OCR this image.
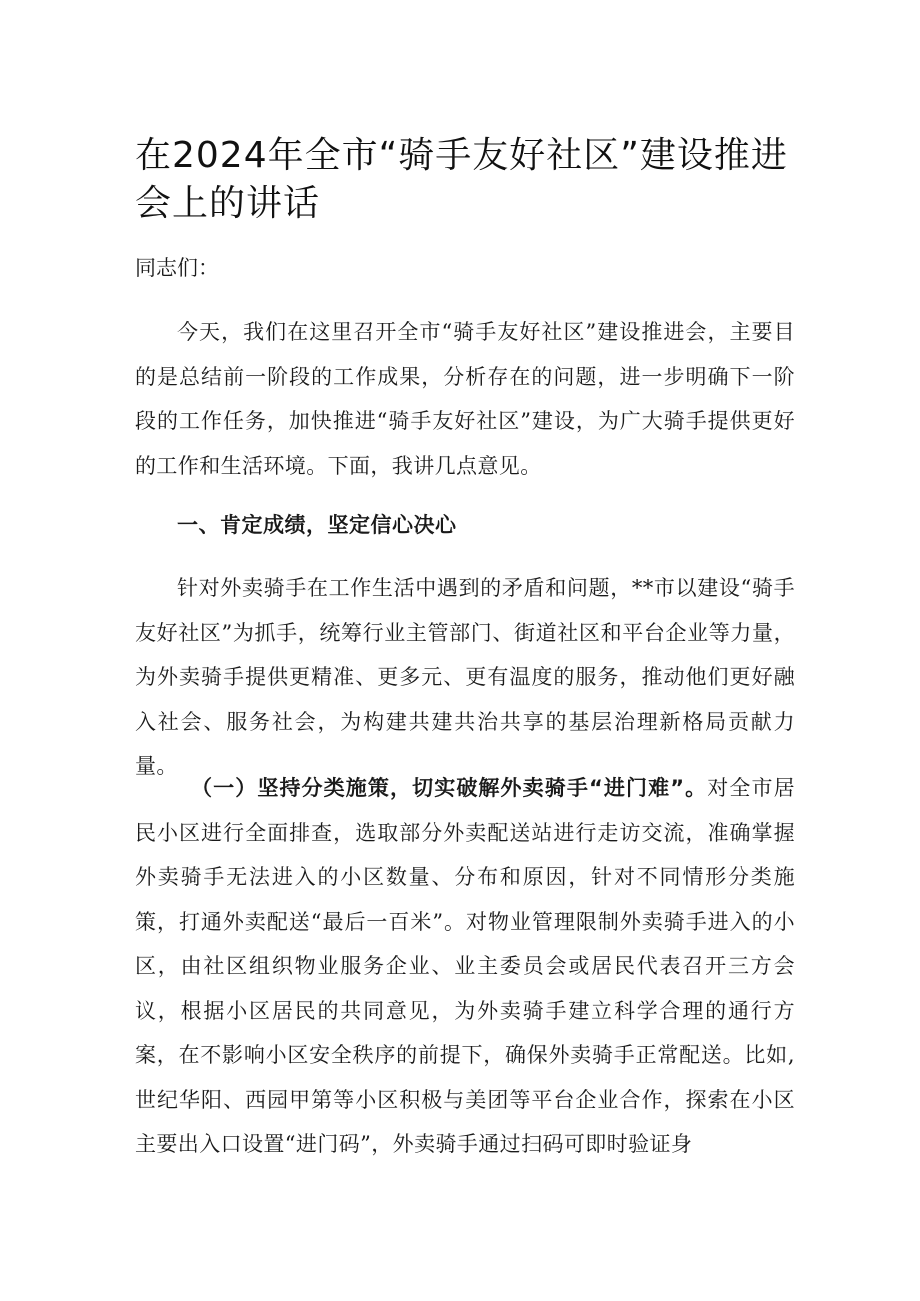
在2024年全市“骑手友好社区”建设推进会上的讲话

同志们：

今天，我们在这里召开全市“骑手友好社区”建设推进会，主要目的是总结前一阶段的工作成果，分析存在的问题，进一步明确下一阶段的工作任务，加快推进“骑手友好社区”建设，为广大骑手提供更好的工作和生活环境。下面，我讲几点意见。

一、肯定成绩，坚定信心决心

针对外卖骑手在工作生活中遇到的矛盾和问题，**市以建设“骑手友好社区”为抓手，统筹行业主管部门、街道社区和平台企业等力量，为外卖骑手提供更精准、更多元、更有温度的服务，推动他们更好融入社会、服务社会，为构建共建共治共享的基层治理新格局贡献力量。

（一）坚持分类施策，切实破解外卖骑手“进门难”。对全市居民小区进行全面排查，选取部分外卖配送站进行走访交流，准确掌握外卖骑手无法进入的小区数量、分布和原因，针对不同情形分类施策，打通外卖配送“最后一百米”。对物业管理限制外卖骑手进入的小区，由社区组织物业服务企业、业主委员会或居民代表召开三方会议，根据小区居民的共同意见，为外卖骑手建立科学合理的通行方案，在不影响小区安全秩序的前提下，确保外卖骑手正常配送。比如,世纪华阳、西园甲第等小区积极与美团等平台企业合作，探索在小区主要出入口设置“进门码”，外卖骑手通过扫码可即时验证身
